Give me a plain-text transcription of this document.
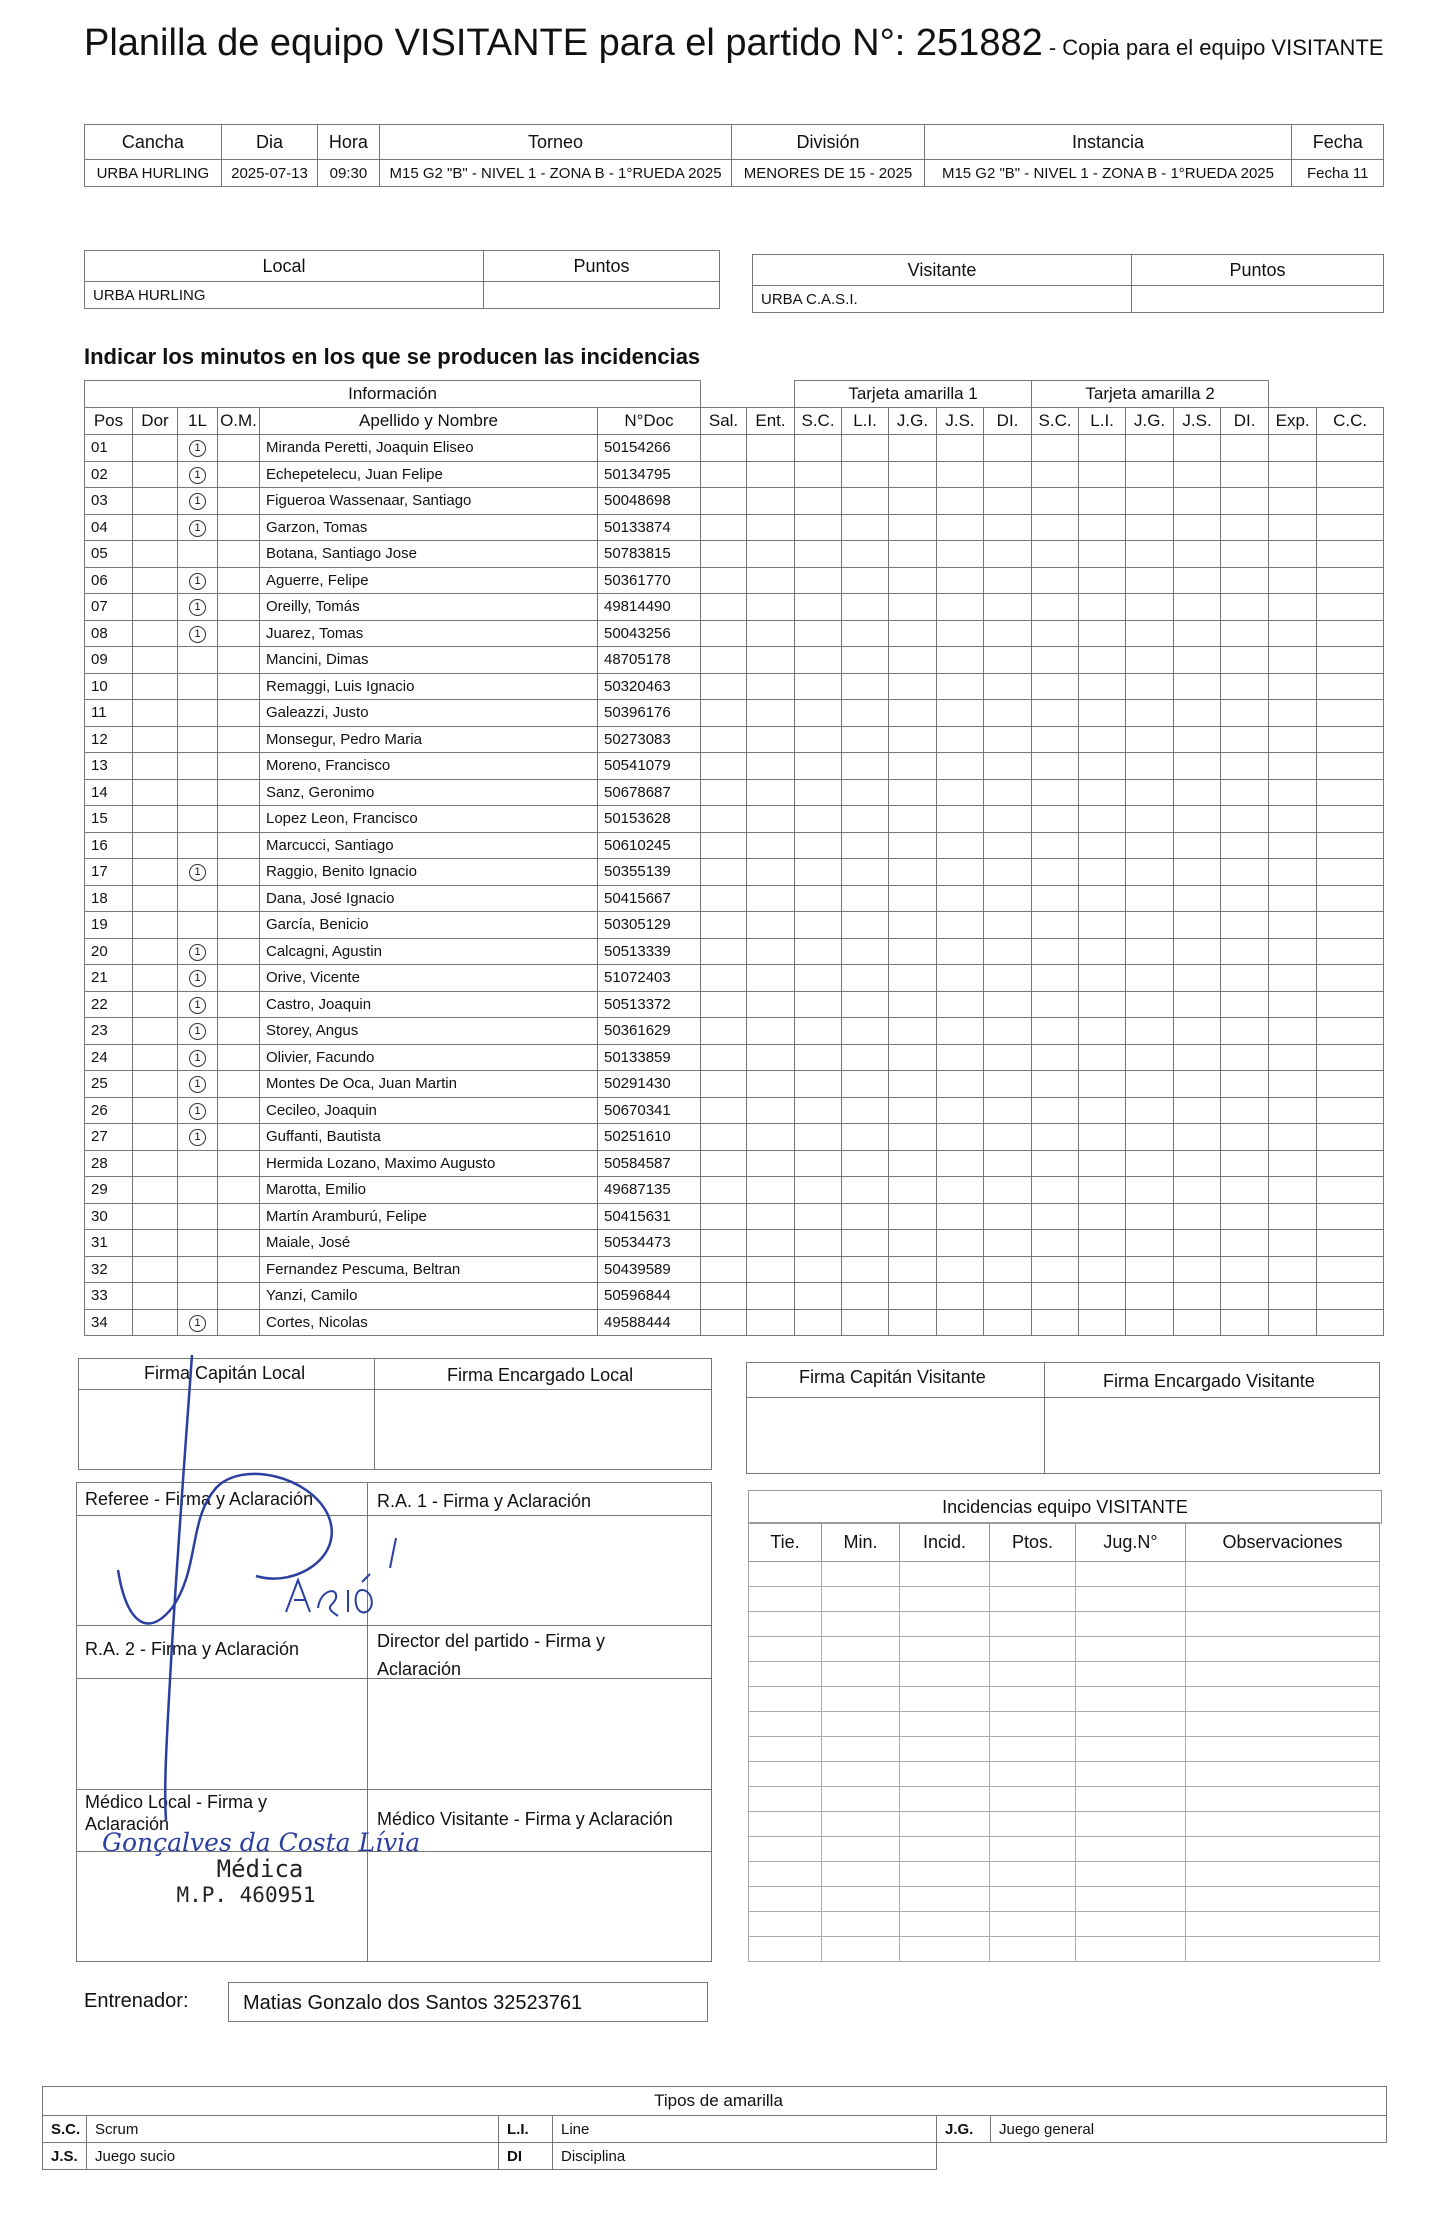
Planilla de equipo VISITANTE para el partido N°: 251882 - Copia para el equipo VISITANTE
Cancha	Dia	Hora	Torneo	División	Instancia	Fecha
URBA HURLING	2025-07-13	09:30	M15 G2 "B" - NIVEL 1 - ZONA B - 1°RUEDA 2025	MENORES DE 15 - 2025	M15 G2 "B" - NIVEL 1 - ZONA B - 1°RUEDA 2025	Fecha 11
Local	Puntos
URBA HURLING	
Visitante	Puntos
URBA C.A.S.I.	
Indicar los minutos en los que se producen las incidencias
Información								Tarjeta amarilla 1					Tarjeta amarilla 2						
Pos	Dor	1L	O.M.	Apellido y Nombre	N°Doc	Sal.	Ent.	S.C.	L.I.	J.G.	J.S.	DI.	S.C.	L.I.	J.G.	J.S.	DI.	Exp.	C.C.
01		1		Miranda Peretti, Joaquin Eliseo	50154266														
02		1		Echepetelecu, Juan Felipe	50134795														
03		1		Figueroa Wassenaar, Santiago	50048698														
04		1		Garzon, Tomas	50133874														
05				Botana, Santiago Jose	50783815														
06		1		Aguerre, Felipe	50361770														
07		1		Oreilly, Tomás	49814490														
08		1		Juarez, Tomas	50043256														
09				Mancini, Dimas	48705178														
10				Remaggi, Luis Ignacio	50320463														
11				Galeazzi, Justo	50396176														
12				Monsegur, Pedro Maria	50273083														
13				Moreno, Francisco	50541079														
14				Sanz, Geronimo	50678687														
15				Lopez Leon, Francisco	50153628														
16				Marcucci, Santiago	50610245														
17		1		Raggio, Benito Ignacio	50355139														
18				Dana, José Ignacio	50415667														
19				García, Benicio	50305129														
20		1		Calcagni, Agustin	50513339														
21		1		Orive, Vicente	51072403														
22		1		Castro, Joaquin	50513372														
23		1		Storey, Angus	50361629														
24		1		Olivier, Facundo	50133859														
25		1		Montes De Oca, Juan Martin	50291430														
26		1		Cecileo, Joaquin	50670341														
27		1		Guffanti, Bautista	50251610														
28				Hermida Lozano, Maximo Augusto	50584587														
29				Marotta, Emilio	49687135														
30				Martín Aramburú, Felipe	50415631														
31				Maiale, José	50534473														
32				Fernandez Pescuma, Beltran	50439589														
33				Yanzi, Camilo	50596844														
34		1		Cortes, Nicolas	49588444														
Firma Capitán Local	Firma Encargado Local	Firma Capitán Visitante	Firma Encargado Visitante
Referee - Firma y Aclaración	R.A. 1 - Firma y Aclaración
R.A. 2 - Firma y Aclaración	Director del partido - Firma y Aclaración
Médico Local - Firma y Aclaración	Médico Visitante - Firma y Aclaración
Gonçalves da Costa Lívia
Médica
M.P. 460951
Incidencias equipo VISITANTE
Tie.	Min.	Incid.	Ptos.	Jug.N°	Observaciones

Entrenador:	Matias Gonzalo dos Santos 32523761
Tipos de amarilla					
S.C.	Scrum	L.I.	Line	J.G.	Juego general
J.S.	Juego sucio	DI	Disciplina		
